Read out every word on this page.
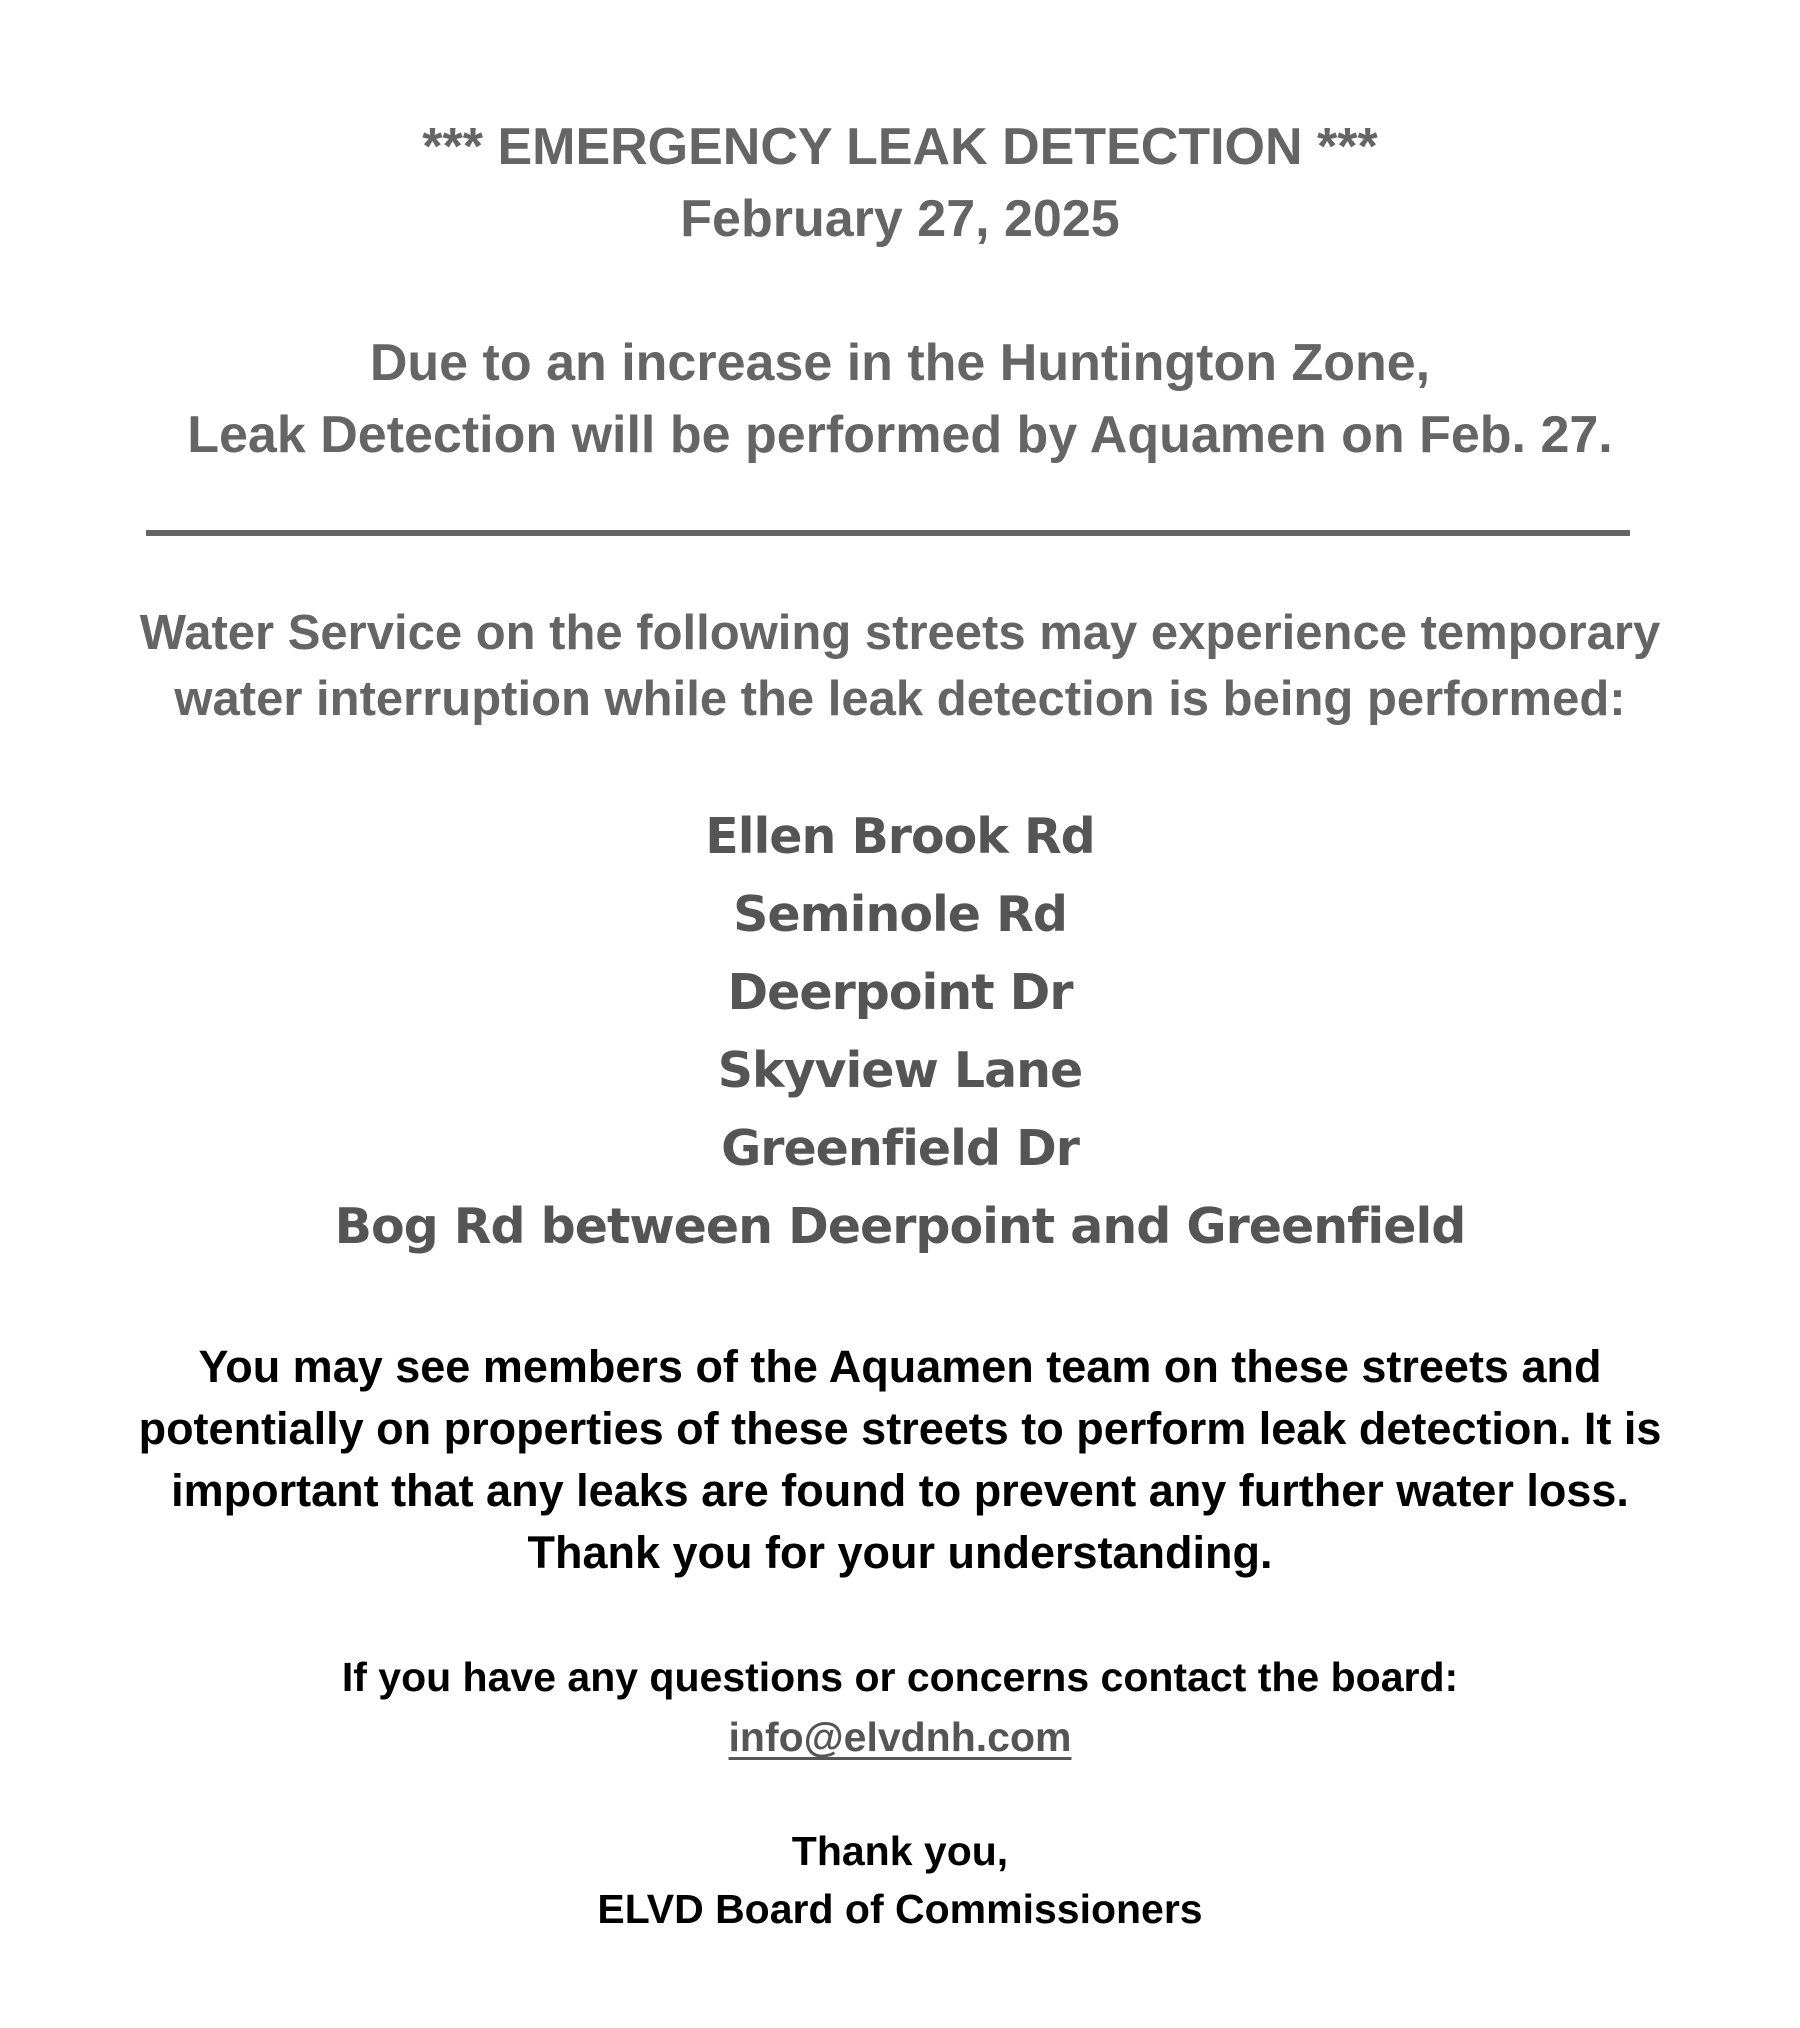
*** EMERGENCY LEAK DETECTION ***
February 27, 2025
Due to an increase in the Huntington Zone,
Leak Detection will be performed by Aquamen on Feb. 27.
Water Service on the following streets may experience temporary
water interruption while the leak detection is being performed:
Ellen Brook Rd
Seminole Rd
Deerpoint Dr
Skyview Lane
Greenfield Dr
Bog Rd between Deerpoint and Greenfield
You may see members of the Aquamen team on these streets and
potentially on properties of these streets to perform leak detection. It is
important that any leaks are found to prevent any further water loss.
Thank you for your understanding.
If you have any questions or concerns contact the board:
info@elvdnh.com
Thank you,
ELVD Board of Commissioners
